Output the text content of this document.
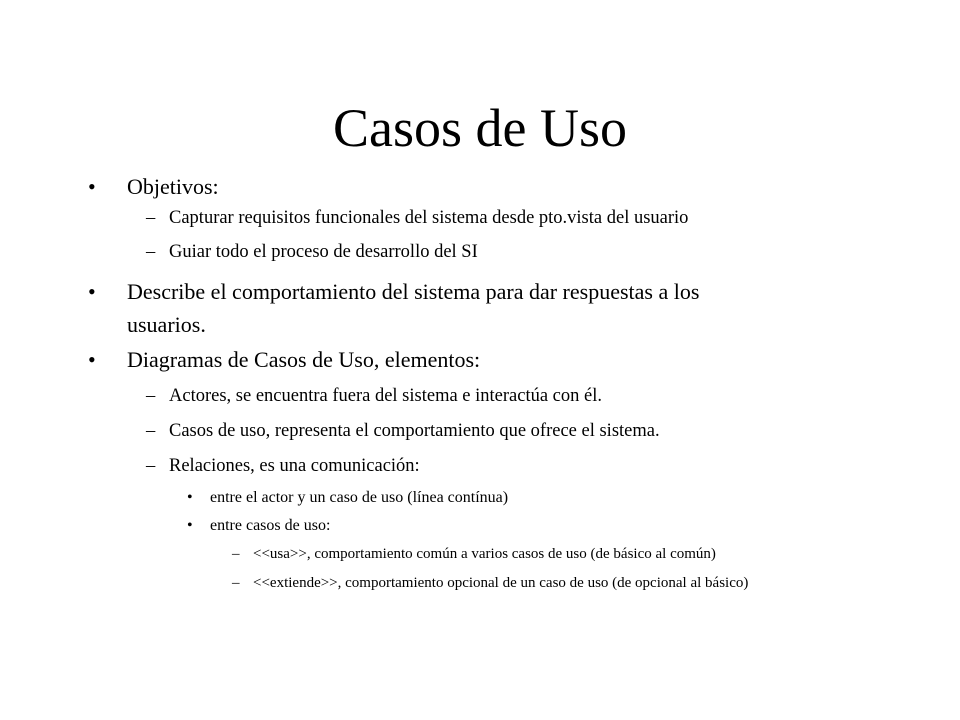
Casos de Uso
• Objetivos:
– Capturar requisitos funcionales del sistema desde pto.vista del usuario
– Guiar todo el proceso de desarrollo del SI
• Describe el comportamiento del sistema para dar respuestas a los
usuarios.
• Diagramas de Casos de Uso, elementos:
– Actores, se encuentra fuera del sistema e interactúa con él.
– Casos de uso, representa el comportamiento que ofrece el sistema.
– Relaciones, es una comunicación:
• entre el actor y un caso de uso (línea contínua)
• entre casos de uso:
– <<usa>>, comportamiento común a varios casos de uso (de básico al común)
– <<extiende>>, comportamiento opcional de un caso de uso (de opcional al básico)
